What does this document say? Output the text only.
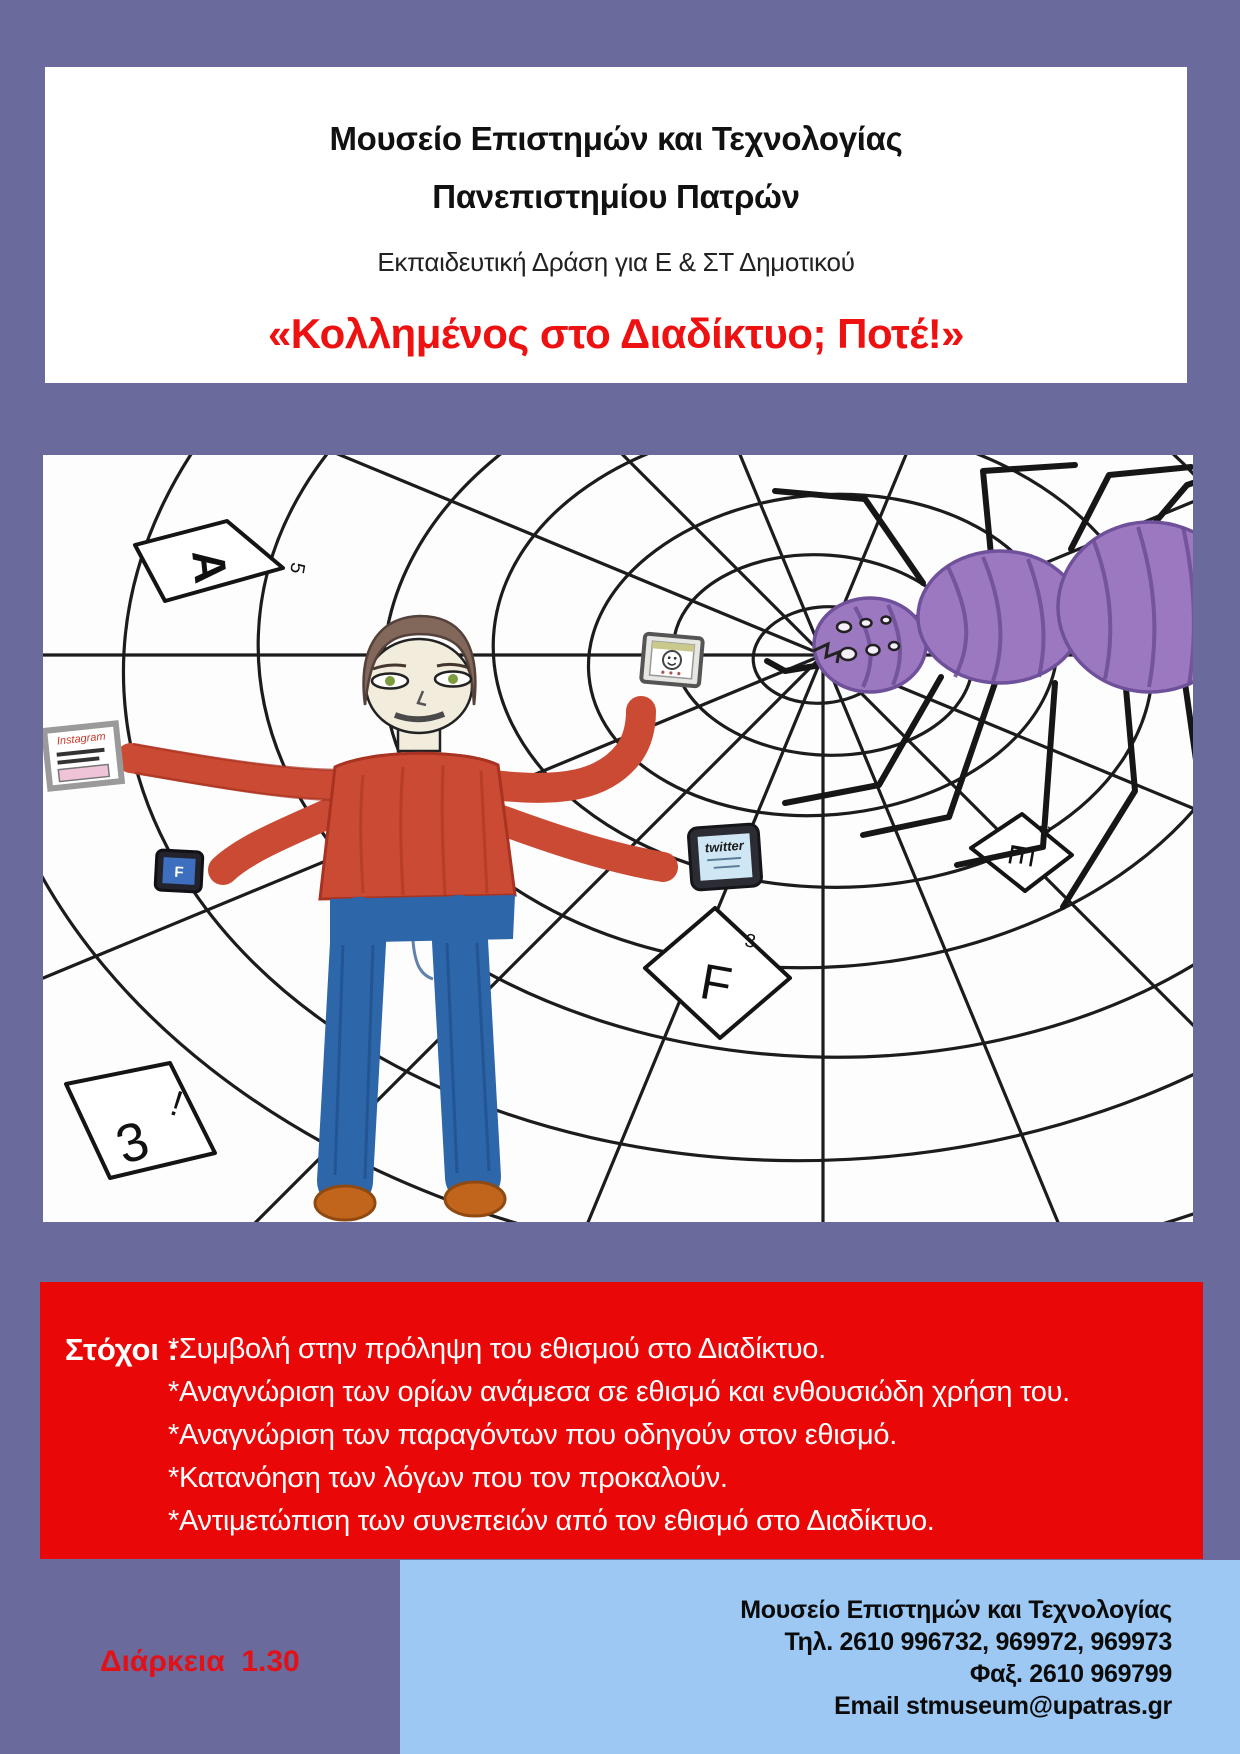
Μουσείο Επιστημών και Τεχνολογίας
Πανεπιστημίου Πατρών
Εκπαιδευτική Δράση για Ε & ΣΤ Δημοτικού
«Κολλημένος στο Διαδίκτυο; Ποτέ!»
A 5
E
2
F
3
3
!
Instagram
F
twitter
Στόχοι :
*Συμβολή στην πρόληψη του εθισμού στο Διαδίκτυο.
*Αναγνώριση των ορίων ανάμεσα σε εθισμό και ενθουσιώδη χρήση του.
*Αναγνώριση των παραγόντων που οδηγούν στον εθισμό.
*Κατανόηση των λόγων που τον προκαλούν.
*Αντιμετώπιση των συνεπειών από τον εθισμό στο Διαδίκτυο.
Μουσείο Επιστημών και Τεχνολογίας
Τηλ. 2610 996732, 969972, 969973
Φαξ. 2610 969799
Email stmuseum@upatras.gr
Διάρκεια  1.30
